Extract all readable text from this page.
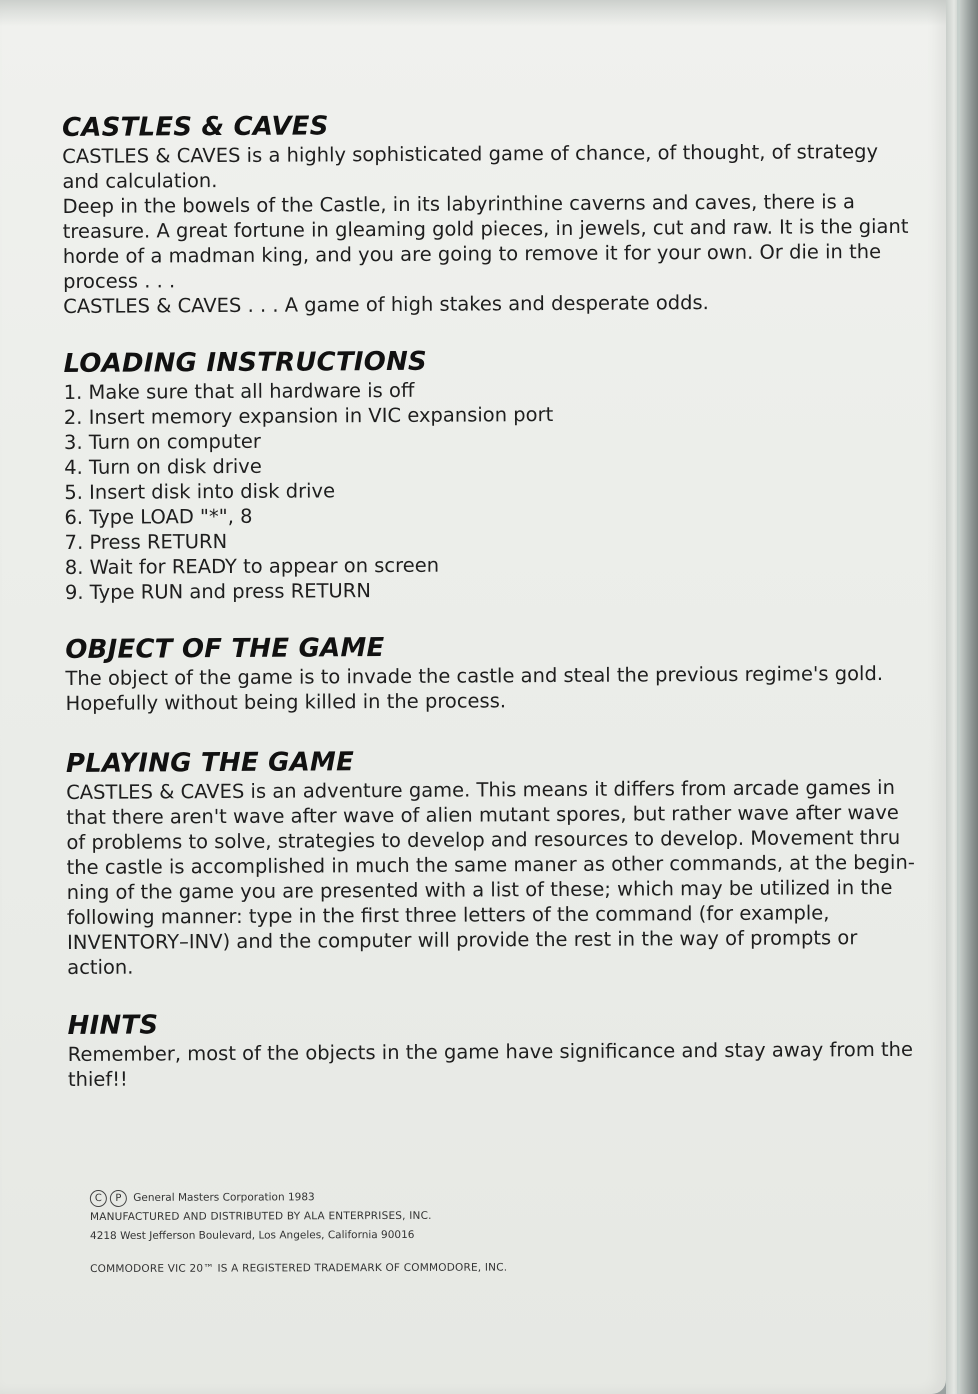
CASTLES & CAVES

CASTLES & CAVES is a highly sophisticated game of chance, of thought, of strategy

and calculation.

Deep in the bowels of the Castle, in its labyrinthine caverns and caves, there is a

treasure. A great fortune in gleaming gold pieces, in jewels, cut and raw. It is the giant

horde of a madman king, and you are going to remove it for your own. Or die in the

process . . .

CASTLES & CAVES . . . A game of high stakes and desperate odds.

LOADING INSTRUCTIONS
1. Make sure that all hardware is off
2. Insert memory expansion in VIC expansion port
3. Turn on computer
4. Turn on disk drive
5. Insert disk into disk drive
6. Type LOAD "*", 8
7. Press RETURN
8. Wait for READY to appear on screen
9. Type RUN and press RETURN
OBJECT OF THE GAME

The object of the game is to invade the castle and steal the previous regime's gold.

Hopefully without being killed in the process.

PLAYING THE GAME

CASTLES & CAVES is an adventure game. This means it differs from arcade games in

that there aren't wave after wave of alien mutant spores, but rather wave after wave

of problems to solve, strategies to develop and resources to develop. Movement thru

the castle is accomplished in much the same maner as other commands, at the begin-

ning of the game you are presented with a list of these; which may be utilized in the

following manner: type in the first three letters of the command (for example,

INVENTORY–INV) and the computer will provide the rest in the way of prompts or

action.

HINTS

Remember, most of the objects in the game have significance and stay away from the

thief!!

C P General Masters Corporation 1983
MANUFACTURED AND DISTRIBUTED BY ALA ENTERPRISES, INC.
4218 West Jefferson Boulevard, Los Angeles, California 90016
COMMODORE VIC 20™ IS A REGISTERED TRADEMARK OF COMMODORE, INC.
